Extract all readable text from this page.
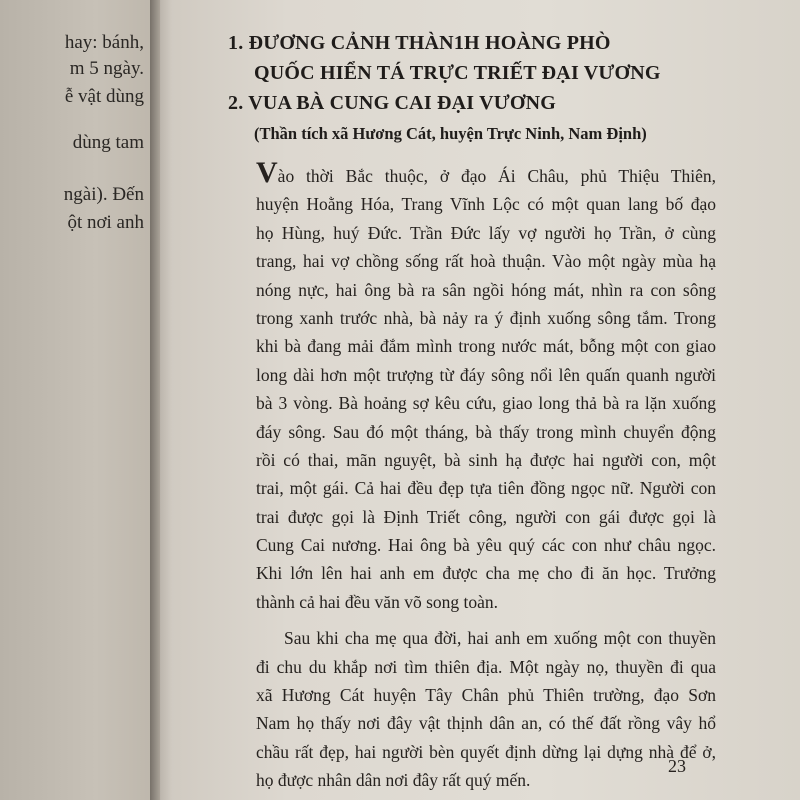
hay: bánh,
m 5 ngày.
ễ vật dùng
dùng tam
ngài). Đến
ột nơi anh
1. ĐƯƠNG CẢNH THÀN1H HOÀNG PHÒ
QUỐC HIỂN TÁ TRỰC TRIẾT ĐẠI VƯƠNG
2. VUA BÀ CUNG CAI ĐẠI VƯƠNG
(Thần tích xã Hương Cát, huyện Trực Ninh, Nam Định)
Vào thời Bắc thuộc, ở đạo Ái Châu, phủ Thiệu Thiên,
huyện Hoằng Hóa, Trang Vĩnh Lộc có một quan lang bố đạo
họ Hùng, huý Đức. Trần Đức lấy vợ người họ Trần, ở cùng
trang, hai vợ chồng sống rất hoà thuận. Vào một ngày mùa hạ
nóng nực, hai ông bà ra sân ngồi hóng mát, nhìn ra con sông
trong xanh trước nhà, bà nảy ra ý định xuống sông tắm. Trong
khi bà đang mải đắm mình trong nước mát, bỗng một con giao
long dài hơn một trượng từ đáy sông nổi lên quấn quanh người
bà 3 vòng. Bà hoảng sợ kêu cứu, giao long thả bà ra lặn xuống
đáy sông. Sau đó một tháng, bà thấy trong mình chuyển động
rồi có thai, mãn nguyệt, bà sinh hạ được hai người con, một
trai, một gái. Cả hai đều đẹp tựa tiên đồng ngọc nữ. Người con
trai được gọi là Định Triết công, người con gái được gọi là
Cung Cai nương. Hai ông bà yêu quý các con như châu ngọc.
Khi lớn lên hai anh em được cha mẹ cho đi ăn học. Trưởng
thành cả hai đều văn võ song toàn.
Sau khi cha mẹ qua đời, hai anh em xuống một con thuyền
đi chu du khắp nơi tìm thiên địa. Một ngày nọ, thuyền đi qua
xã Hương Cát huyện Tây Chân phủ Thiên trường, đạo Sơn
Nam họ thấy nơi đây vật thịnh dân an, có thế đất rồng vây hổ
chầu rất đẹp, hai người bèn quyết định dừng lại dựng nhà để ở,
họ được nhân dân nơi đây rất quý mến.
23
